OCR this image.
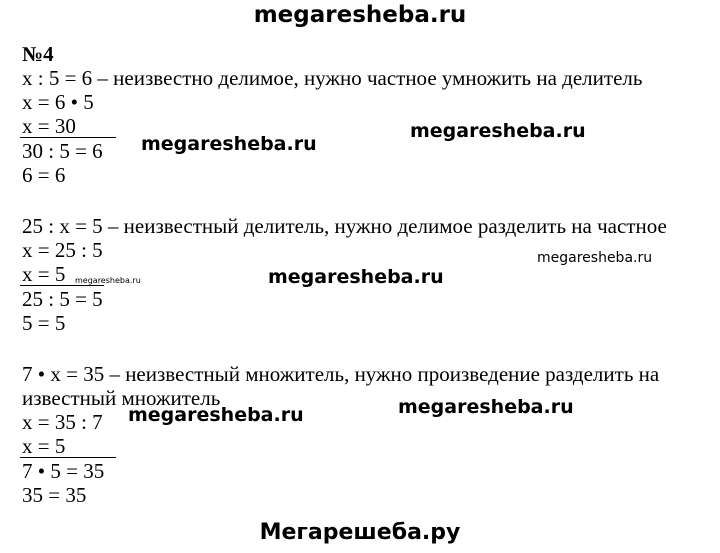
megaresheba.ru

№4

x : 5 = 6 – неизвестно делимое, нужно частное умножить на делитель

x = 6 • 5

x = 30

30 : 5 = 6

6 = 6

25 : x = 5 – неизвестный делитель, нужно делимое разделить на частное

x = 25 : 5

x = 5

25 : 5 = 5

5 = 5

7 • x = 35 – неизвестный множитель, нужно произведение разделить на

известный множитель

x = 35 : 7

x = 5

7 • 5 = 35

35 = 35

megaresheba.ru
megaresheba.ru
megaresheba.ru
megaresheba.ru
megaresheba.ru
megaresheba.ru	megaresheba.ru
Мегарешеба.ру
